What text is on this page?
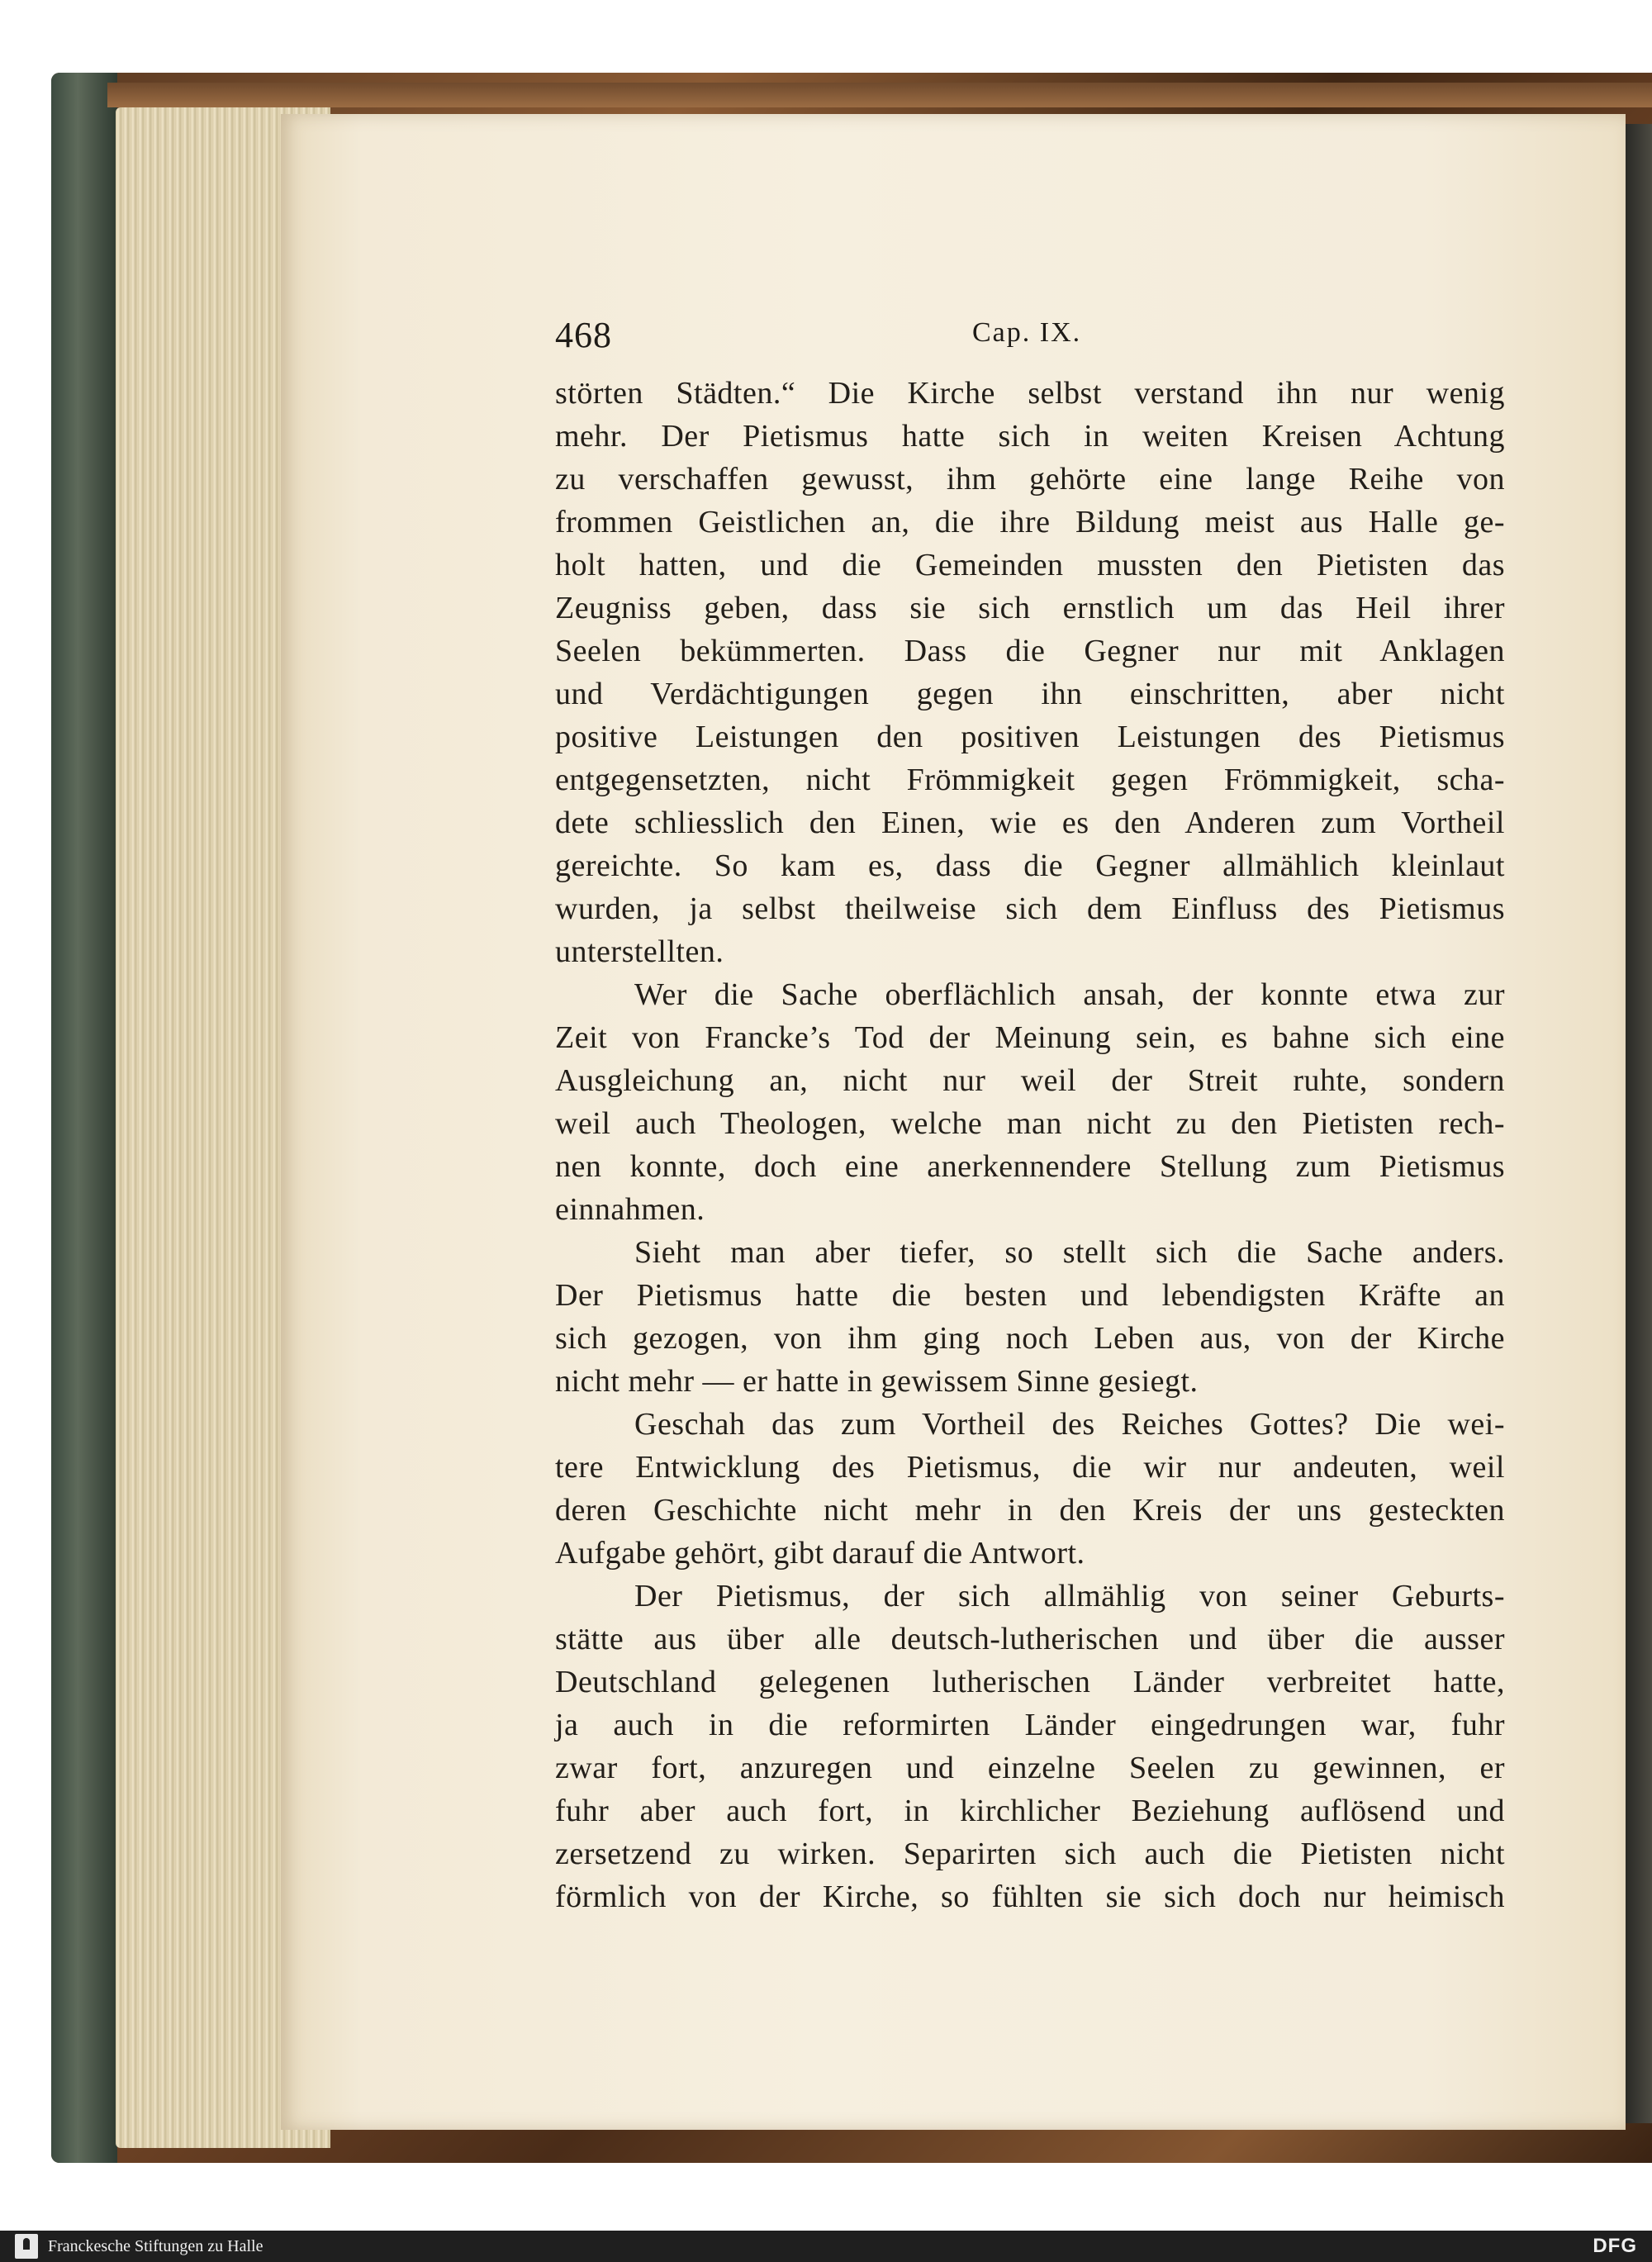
468	Cap. IX.

störten Städten.“ Die Kirche selbst verstand ihn nur wenig
mehr. Der Pietismus hatte sich in weiten Kreisen Achtung
zu verschaffen gewusst, ihm gehörte eine lange Reihe von
frommen Geistlichen an, die ihre Bildung meist aus Halle ge-
holt hatten, und die Gemeinden mussten den Pietisten das
Zeugniss geben, dass sie sich ernstlich um das Heil ihrer
Seelen bekümmerten. Dass die Gegner nur mit Anklagen
und Verdächtigungen gegen ihn einschritten, aber nicht
positive Leistungen den positiven Leistungen des Pietismus
entgegensetzten, nicht Frömmigkeit gegen Frömmigkeit, scha-
dete schliesslich den Einen, wie es den Anderen zum Vortheil
gereichte. So kam es, dass die Gegner allmählich kleinlaut
wurden, ja selbst theilweise sich dem Einfluss des Pietismus
unterstellten.

Wer die Sache oberflächlich ansah, der konnte etwa zur
Zeit von Francke’s Tod der Meinung sein, es bahne sich eine
Ausgleichung an, nicht nur weil der Streit ruhte, sondern
weil auch Theologen, welche man nicht zu den Pietisten rech-
nen konnte, doch eine anerkennendere Stellung zum Pietismus
einnahmen.

Sieht man aber tiefer, so stellt sich die Sache anders.
Der Pietismus hatte die besten und lebendigsten Kräfte an
sich gezogen, von ihm ging noch Leben aus, von der Kirche
nicht mehr — er hatte in gewissem Sinne gesiegt.

Geschah das zum Vortheil des Reiches Gottes? Die wei-
tere Entwicklung des Pietismus, die wir nur andeuten, weil
deren Geschichte nicht mehr in den Kreis der uns gesteckten
Aufgabe gehört, gibt darauf die Antwort.

Der Pietismus, der sich allmählig von seiner Geburts-
stätte aus über alle deutsch-lutherischen und über die ausser
Deutschland gelegenen lutherischen Länder verbreitet hatte,
ja auch in die reformirten Länder eingedrungen war, fuhr
zwar fort, anzuregen und einzelne Seelen zu gewinnen, er
fuhr aber auch fort, in kirchlicher Beziehung auflösend und
zersetzend zu wirken. Separirten sich auch die Pietisten nicht
förmlich von der Kirche, so fühlten sie sich doch nur heimisch

Franckesche Stiftungen zu Halle	DFG
